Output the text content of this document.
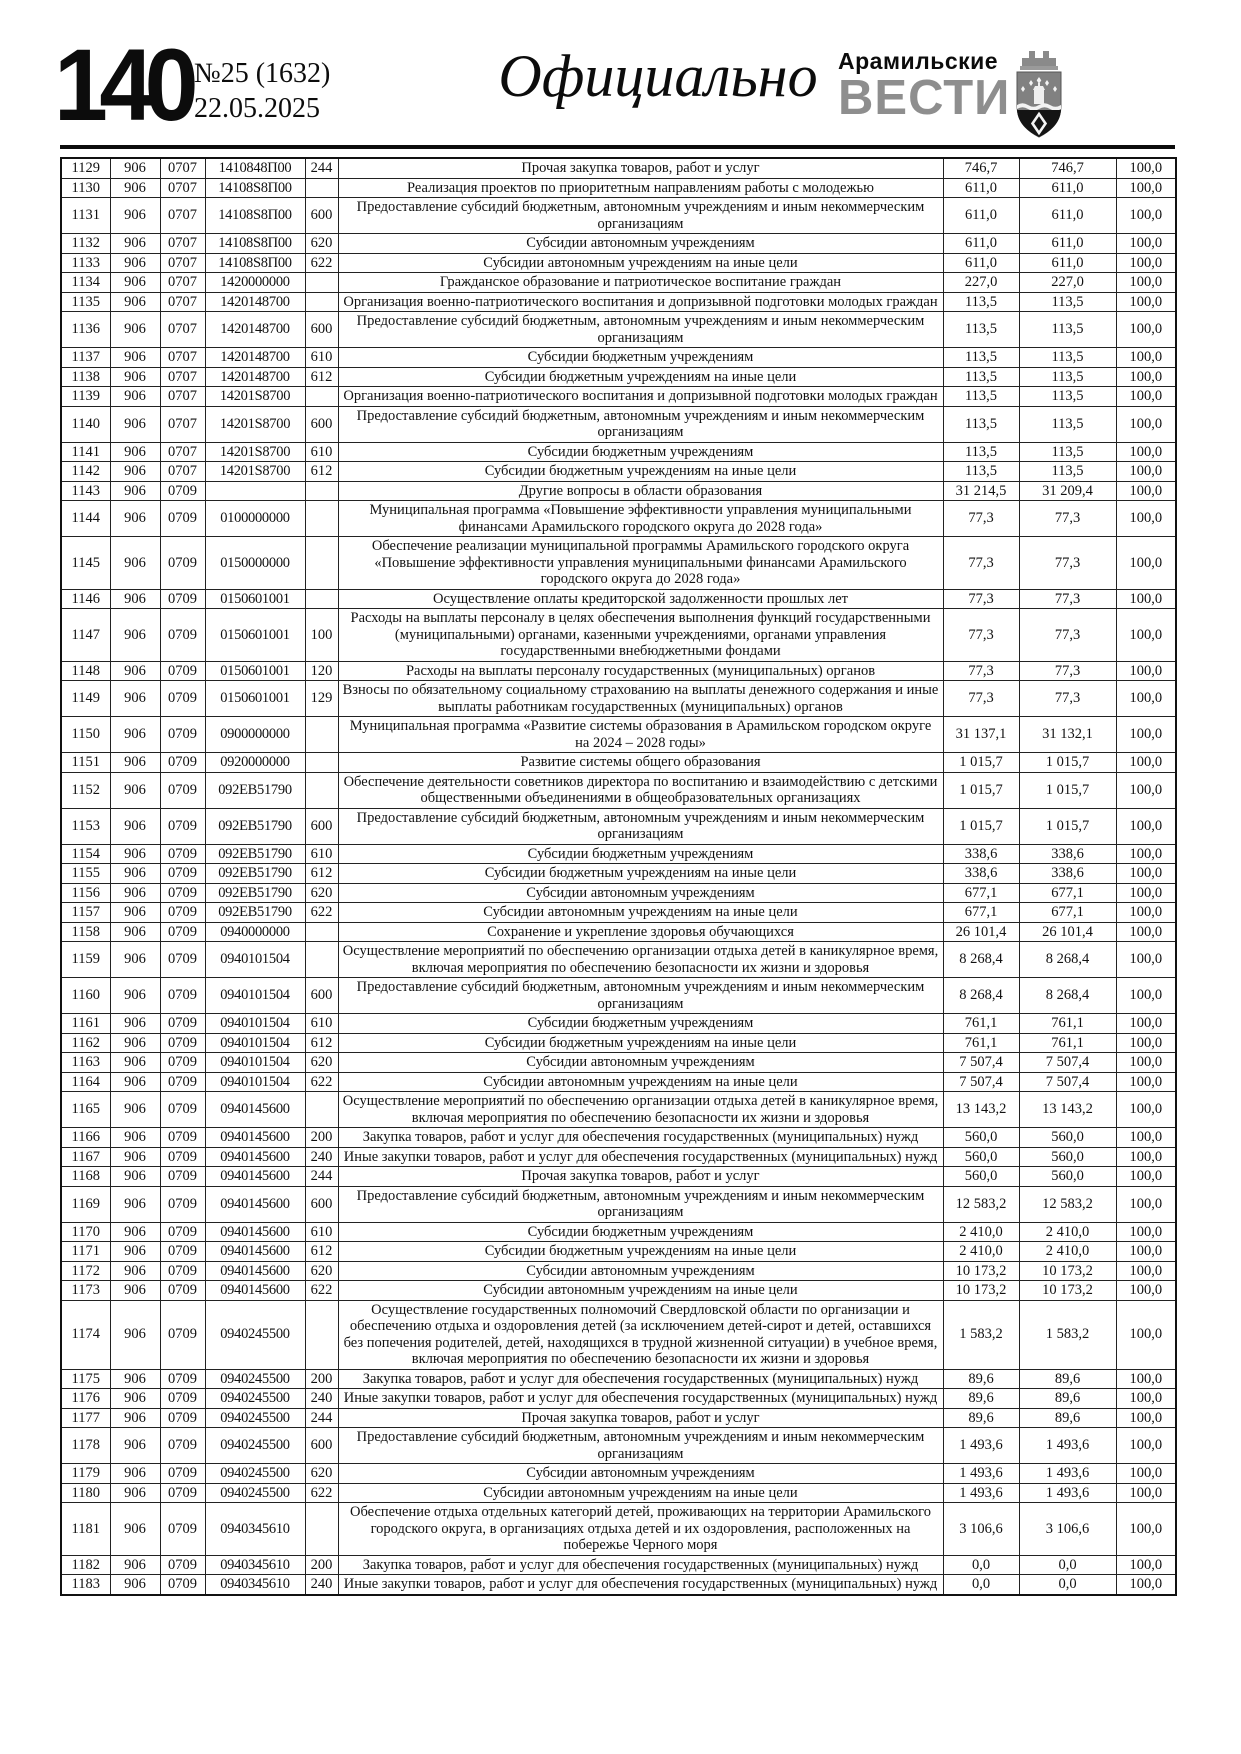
140 №25 (1632)
22.05.2025	Официально Арамильские
ВЕСТИ
1129	906	0707	1410848П00	244	Прочая закупка товаров, работ и услуг	746,7	746,7	100,0
1130	906	0707	14108S8П00		Реализация проектов по приоритетным направлениям работы с молодежью	611,0	611,0	100,0
1131	906	0707	14108S8П00	600	Предоставление субсидий бюджетным, автономным учреждениям и иным некоммерческим организациям	611,0	611,0	100,0
1132	906	0707	14108S8П00	620	Субсидии автономным учреждениям	611,0	611,0	100,0
1133	906	0707	14108S8П00	622	Субсидии автономным учреждениям на иные цели	611,0	611,0	100,0
1134	906	0707	1420000000		Гражданское образование и патриотическое воспитание граждан	227,0	227,0	100,0
1135	906	0707	1420148700		Организация военно-патриотического воспитания и допризывной подготовки молодых граждан	113,5	113,5	100,0
1136	906	0707	1420148700	600	Предоставление субсидий бюджетным, автономным учреждениям и иным некоммерческим организациям	113,5	113,5	100,0
1137	906	0707	1420148700	610	Субсидии бюджетным учреждениям	113,5	113,5	100,0
1138	906	0707	1420148700	612	Субсидии бюджетным учреждениям на иные цели	113,5	113,5	100,0
1139	906	0707	14201S8700		Организация военно-патриотического воспитания и допризывной подготовки молодых граждан	113,5	113,5	100,0
1140	906	0707	14201S8700	600	Предоставление субсидий бюджетным, автономным учреждениям и иным некоммерческим организациям	113,5	113,5	100,0
1141	906	0707	14201S8700	610	Субсидии бюджетным учреждениям	113,5	113,5	100,0
1142	906	0707	14201S8700	612	Субсидии бюджетным учреждениям на иные цели	113,5	113,5	100,0
1143	906	0709			Другие вопросы в области образования	31 214,5	31 209,4	100,0
1144	906	0709	0100000000		Муниципальная программа «Повышение эффективности управления муниципальными финансами Арамильского городского округа до 2028 года»	77,3	77,3	100,0
1145	906	0709	0150000000		Обеспечение реализации муниципальной программы Арамильского городского округа «Повышение эффективности управления муниципальными финансами Арамильского городского округа до 2028 года»	77,3	77,3	100,0
1146	906	0709	0150601001		Осуществление оплаты кредиторской задолженности прошлых лет	77,3	77,3	100,0
1147	906	0709	0150601001	100	Расходы на выплаты персоналу в целях обеспечения выполнения функций государственными (муниципальными) органами, казенными учреждениями, органами управления государственными внебюджетными фондами	77,3	77,3	100,0
1148	906	0709	0150601001	120	Расходы на выплаты персоналу государственных (муниципальных) органов	77,3	77,3	100,0
1149	906	0709	0150601001	129	Взносы по обязательному социальному страхованию на выплаты денежного содержания и иные выплаты работникам государственных (муниципальных) органов	77,3	77,3	100,0
1150	906	0709	0900000000		Муниципальная программа «Развитие системы образования в Арамильском городском округе на 2024 – 2028 годы»	31 137,1	31 132,1	100,0
1151	906	0709	0920000000		Развитие системы общего образования	1 015,7	1 015,7	100,0
1152	906	0709	092EB51790		Обеспечение деятельности советников директора по воспитанию и взаимодействию с детскими общественными объединениями в общеобразовательных организациях	1 015,7	1 015,7	100,0
1153	906	0709	092EB51790	600	Предоставление субсидий бюджетным, автономным учреждениям и иным некоммерческим организациям	1 015,7	1 015,7	100,0
1154	906	0709	092EB51790	610	Субсидии бюджетным учреждениям	338,6	338,6	100,0
1155	906	0709	092EB51790	612	Субсидии бюджетным учреждениям на иные цели	338,6	338,6	100,0
1156	906	0709	092EB51790	620	Субсидии автономным учреждениям	677,1	677,1	100,0
1157	906	0709	092EB51790	622	Субсидии автономным учреждениям на иные цели	677,1	677,1	100,0
1158	906	0709	0940000000		Сохранение и укрепление здоровья обучающихся	26 101,4	26 101,4	100,0
1159	906	0709	0940101504		Осуществление мероприятий по обеспечению организации отдыха детей в каникулярное время, включая мероприятия по обеспечению безопасности их жизни и здоровья	8 268,4	8 268,4	100,0
1160	906	0709	0940101504	600	Предоставление субсидий бюджетным, автономным учреждениям и иным некоммерческим организациям	8 268,4	8 268,4	100,0
1161	906	0709	0940101504	610	Субсидии бюджетным учреждениям	761,1	761,1	100,0
1162	906	0709	0940101504	612	Субсидии бюджетным учреждениям на иные цели	761,1	761,1	100,0
1163	906	0709	0940101504	620	Субсидии автономным учреждениям	7 507,4	7 507,4	100,0
1164	906	0709	0940101504	622	Субсидии автономным учреждениям на иные цели	7 507,4	7 507,4	100,0
1165	906	0709	0940145600		Осуществление мероприятий по обеспечению организации отдыха детей в каникулярное время, включая мероприятия по обеспечению безопасности их жизни и здоровья	13 143,2	13 143,2	100,0
1166	906	0709	0940145600	200	Закупка товаров, работ и услуг для обеспечения государственных (муниципальных) нужд	560,0	560,0	100,0
1167	906	0709	0940145600	240	Иные закупки товаров, работ и услуг для обеспечения государственных (муниципальных) нужд	560,0	560,0	100,0
1168	906	0709	0940145600	244	Прочая закупка товаров, работ и услуг	560,0	560,0	100,0
1169	906	0709	0940145600	600	Предоставление субсидий бюджетным, автономным учреждениям и иным некоммерческим организациям	12 583,2	12 583,2	100,0
1170	906	0709	0940145600	610	Субсидии бюджетным учреждениям	2 410,0	2 410,0	100,0
1171	906	0709	0940145600	612	Субсидии бюджетным учреждениям на иные цели	2 410,0	2 410,0	100,0
1172	906	0709	0940145600	620	Субсидии автономным учреждениям	10 173,2	10 173,2	100,0
1173	906	0709	0940145600	622	Субсидии автономным учреждениям на иные цели	10 173,2	10 173,2	100,0
1174	906	0709	0940245500		Осуществление государственных полномочий Свердловской области по организации и обеспечению отдыха и оздоровления детей (за исключением детей-сирот и детей, оставшихся без попечения родителей, детей, находящихся в трудной жизненной ситуации) в учебное время, включая мероприятия по обеспечению безопасности их жизни и здоровья	1 583,2	1 583,2	100,0
1175	906	0709	0940245500	200	Закупка товаров, работ и услуг для обеспечения государственных (муниципальных) нужд	89,6	89,6	100,0
1176	906	0709	0940245500	240	Иные закупки товаров, работ и услуг для обеспечения государственных (муниципальных) нужд	89,6	89,6	100,0
1177	906	0709	0940245500	244	Прочая закупка товаров, работ и услуг	89,6	89,6	100,0
1178	906	0709	0940245500	600	Предоставление субсидий бюджетным, автономным учреждениям и иным некоммерческим организациям	1 493,6	1 493,6	100,0
1179	906	0709	0940245500	620	Субсидии автономным учреждениям	1 493,6	1 493,6	100,0
1180	906	0709	0940245500	622	Субсидии автономным учреждениям на иные цели	1 493,6	1 493,6	100,0
1181	906	0709	0940345610		Обеспечение отдыха отдельных категорий детей, проживающих на территории Арамильского городского округа, в организациях отдыха детей и их оздоровления, расположенных на побережье Черного моря	3 106,6	3 106,6	100,0
1182	906	0709	0940345610	200	Закупка товаров, работ и услуг для обеспечения государственных (муниципальных) нужд	0,0	0,0	100,0
1183	906	0709	0940345610	240	Иные закупки товаров, работ и услуг для обеспечения государственных (муниципальных) нужд	0,0	0,0	100,0
